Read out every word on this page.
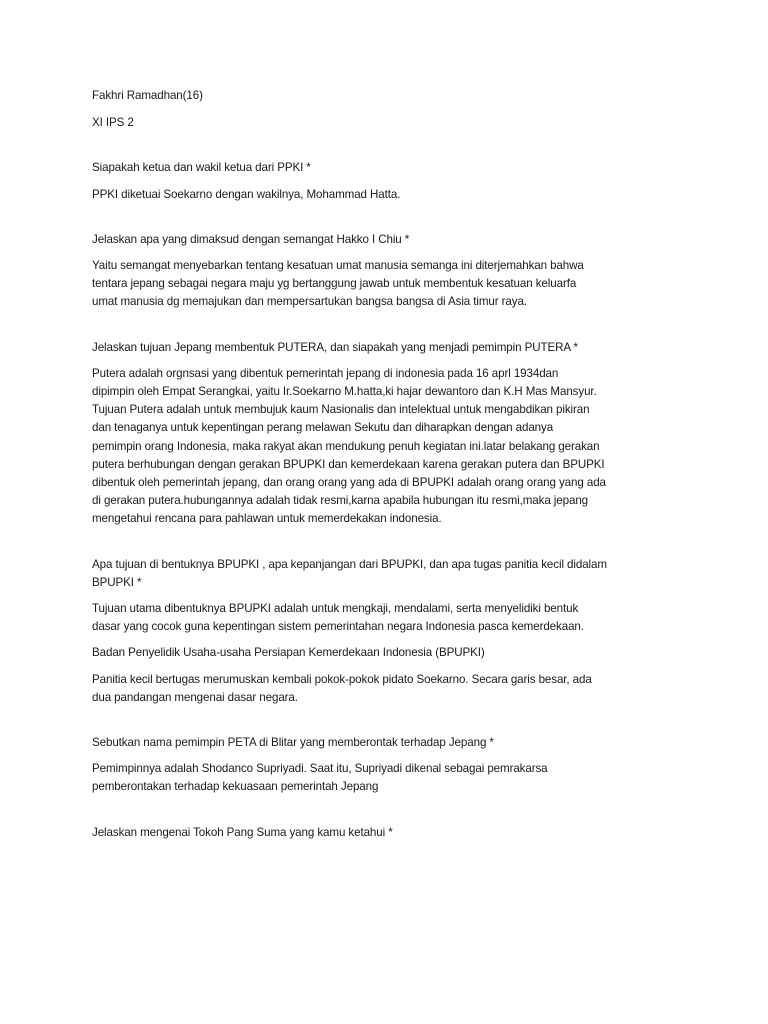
Fakhri Ramadhan(16)

XI IPS 2

Siapakah ketua dan wakil ketua dari PPKI *
PPKI diketuai Soekarno dengan wakilnya, Mohammad Hatta.
Jelaskan apa yang dimaksud dengan semangat Hakko I Chiu *
Yaitu semangat menyebarkan tentang kesatuan umat manusia semanga ini diterjemahkan bahwa
tentara jepang sebagai negara maju yg bertanggung jawab untuk membentuk kesatuan keluarfa
umat manusia dg memajukan dan mempersartukan bangsa bangsa di Asia timur raya.
Jelaskan tujuan Jepang membentuk PUTERA, dan siapakah yang menjadi pemimpin PUTERA *
Putera adalah orgnsasi yang dibentuk pemerintah jepang di indonesia pada 16 aprl 1934dan
dipimpin oleh Empat Serangkai, yaitu Ir.Soekarno M.hatta,ki hajar dewantoro dan K.H Mas Mansyur.
Tujuan Putera adalah untuk membujuk kaum Nasionalis dan intelektual untuk mengabdikan pikiran
dan tenaganya untuk kepentingan perang melawan Sekutu dan diharapkan dengan adanya
pemimpin orang Indonesia, maka rakyat akan mendukung penuh kegiatan ini.latar belakang gerakan
putera berhubungan dengan gerakan BPUPKI dan kemerdekaan karena gerakan putera dan BPUPKI
dibentuk oleh pemerintah jepang, dan orang orang yang ada di BPUPKI adalah orang orang yang ada
di gerakan putera.hubungannya adalah tidak resmi,karna apabila hubungan itu resmi,maka jepang
mengetahui rencana para pahlawan untuk memerdekakan indonesia.
Apa tujuan di bentuknya BPUPKI , apa kepanjangan dari BPUPKI, dan apa tugas panitia kecil didalam
BPUPKI *
Tujuan utama dibentuknya BPUPKI adalah untuk mengkaji, mendalami, serta menyelidiki bentuk
dasar yang cocok guna kepentingan sistem pemerintahan negara Indonesia pasca kemerdekaan.
Badan Penyelidik Usaha-usaha Persiapan Kemerdekaan Indonesia (BPUPKI)
Panitia kecil bertugas merumuskan kembali pokok-pokok pidato Soekarno. Secara garis besar, ada
dua pandangan mengenai dasar negara.
Sebutkan nama pemimpin PETA di Blitar yang memberontak terhadap Jepang *
Pemimpinnya adalah Shodanco Supriyadi. Saat itu, Supriyadi dikenal sebagai pemrakarsa
pemberontakan terhadap kekuasaan pemerintah Jepang
Jelaskan mengenai Tokoh Pang Suma yang kamu ketahui *
